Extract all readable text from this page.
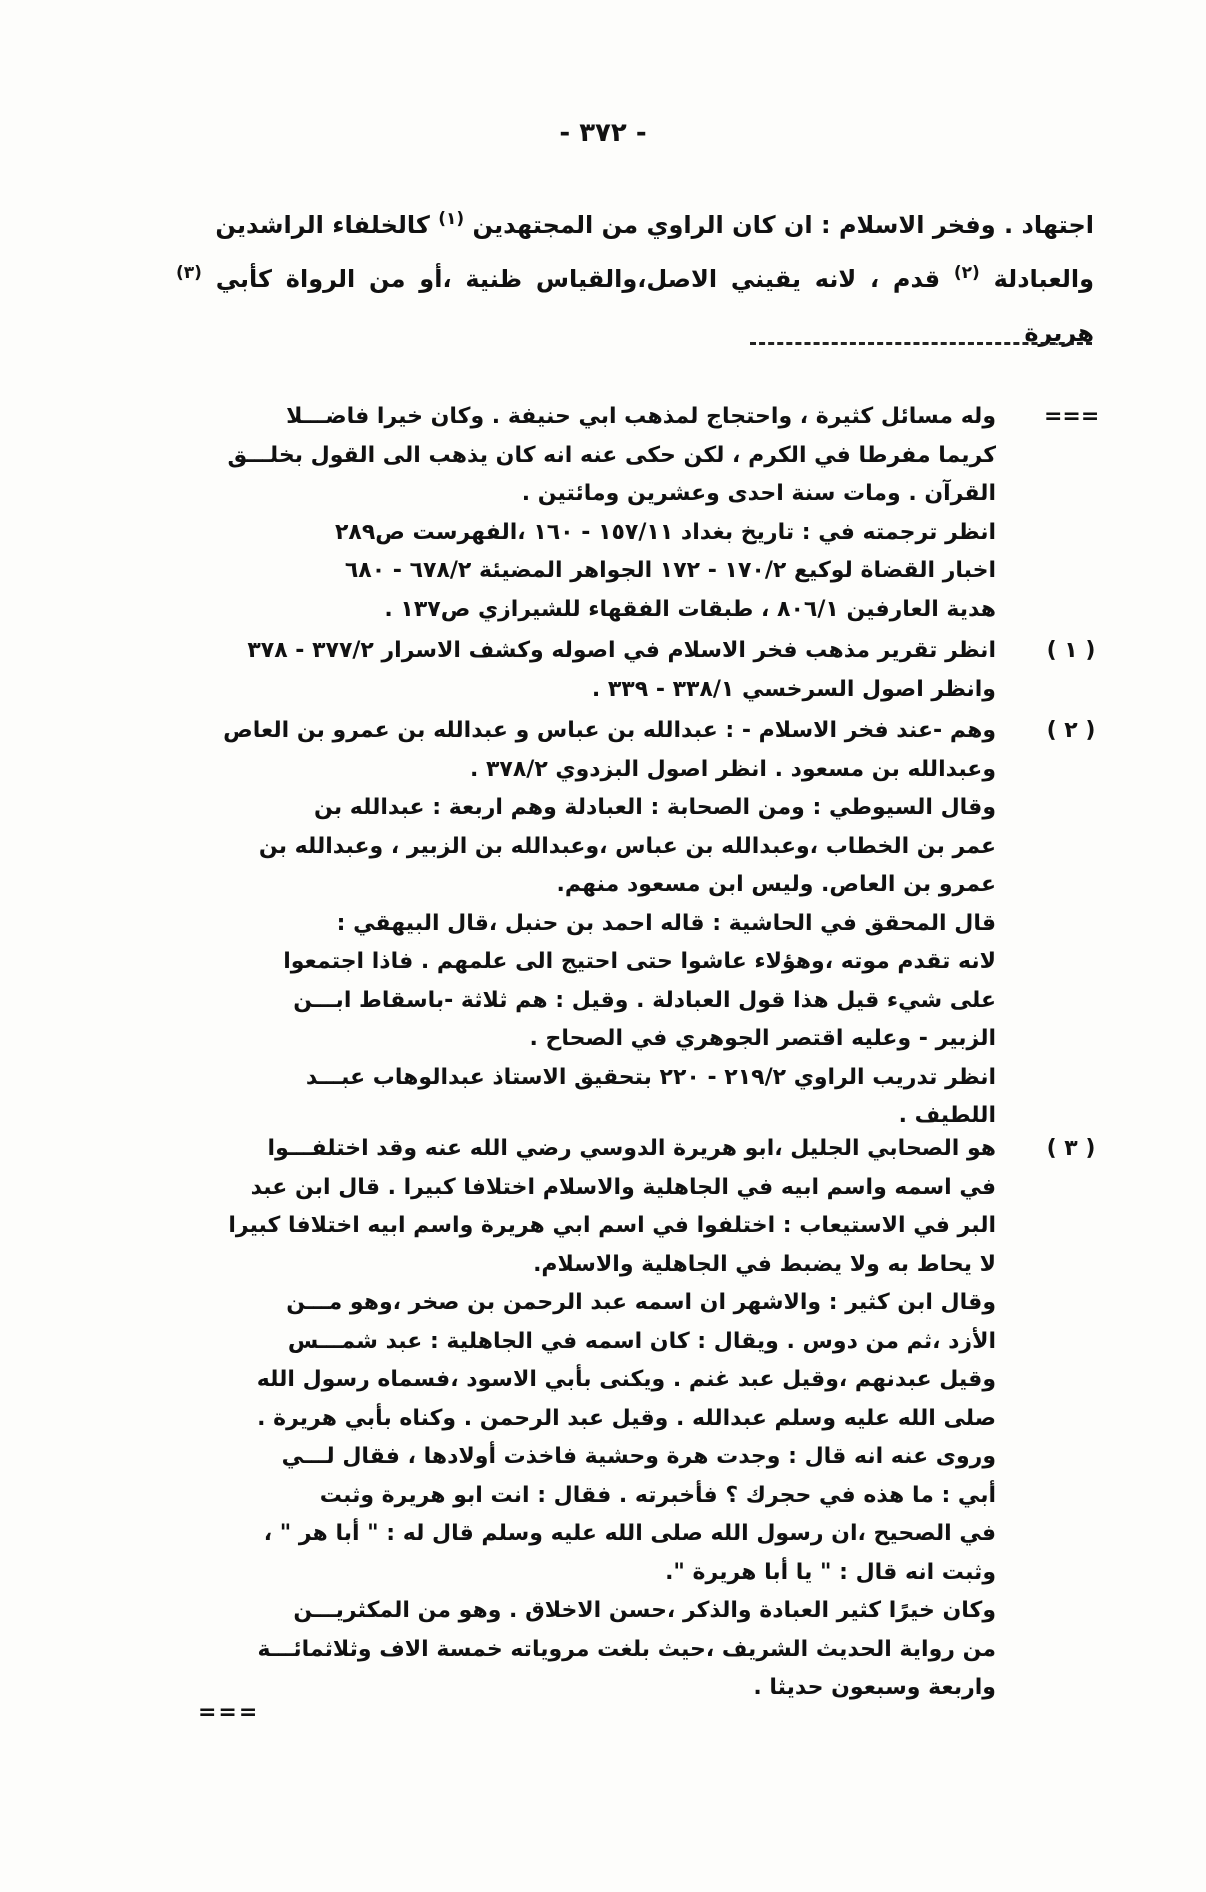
- ٣٧٢ -
اجتهاد . وفخر الاسلام : ان كان الراوي من المجتهدين $^{(١)}$ كالخلفاء الراشدين
والعبادلة $^{(٢)}$ قدم ، لانه يقيني الاصل،والقياس ظنية ،أو من الرواة كأبي $^{(٣)}$ هريرة
===
وله مسائل كثيرة ، واحتجاج لمذهب ابي حنيفة . وكان خيرا فاضـــلا
كريما مفرطا في الكرم ، لكن حكى عنه انه كان يذهب الى القول بخلـــق
القرآن . ومات سنة احدى وعشرين ومائتين .
انظر ترجمته في : تاريخ بغداد ١٥٧/١١ - ١٦٠ ،الفهرست ص٢٨٩
اخبار القضاة لوكيع ١٧٠/٢ - ١٧٢ الجواهر المضيئة ٦٧٨/٢ - ٦٨٠
هدية العارفين ٨٠٦/١ ، طبقات الفقهاء للشيرازي ص١٣٧ .
( ١ )
انظر تقرير مذهب فخر الاسلام في اصوله وكشف الاسرار ٣٧٧/٢ - ٣٧٨
وانظر اصول السرخسي ٣٣٨/١ - ٣٣٩ .
( ٢ )
وهم -عند فخر الاسلام - : عبدالله بن عباس و عبدالله بن عمرو بن العاص
وعبدالله بن مسعود . انظر اصول البزدوي ٣٧٨/٢ .
وقال السيوطي : ومن الصحابة : العبادلة وهم اربعة : عبدالله بن
عمر بن الخطاب ،وعبدالله بن عباس ،وعبدالله بن الزبير ، وعبدالله بن
عمرو بن العاص. وليس ابن مسعود منهم.
قال المحقق في الحاشية : قاله احمد بن حنبل ،قال البيهقي :
لانه تقدم موته ،وهؤلاء عاشوا حتى احتيج الى علمهم . فاذا اجتمعوا
على شيء قيل هذا قول العبادلة . وقيل : هم ثلاثة -باسقاط ابـــن
الزبير - وعليه اقتصر الجوهري في الصحاح .
انظر تدريب الراوي ٢١٩/٢ - ٢٢٠ بتحقيق الاستاذ عبدالوهاب عبـــد
اللطيف .
( ٣ )
هو الصحابي الجليل ،ابو هريرة الدوسي رضي الله عنه وقد اختلفـــوا
في اسمه واسم ابيه في الجاهلية والاسلام اختلافا كبيرا . قال ابن عبد
البر في الاستيعاب : اختلفوا في اسم ابي هريرة واسم ابيه اختلافا كبيرا
لا يحاط به ولا يضبط في الجاهلية والاسلام.
وقال ابن كثير : والاشهر ان اسمه عبد الرحمن بن صخر ،وهو مـــن
الأزد ،ثم من دوس . ويقال : كان اسمه في الجاهلية : عبد شمـــس
وقيل عبدنهم ،وقيل عبد غنم . ويكنى بأبي الاسود ،فسماه رسول الله
صلى الله عليه وسلم عبدالله . وقيل عبد الرحمن . وكناه بأبي هريرة .
وروى عنه انه قال : وجدت هرة وحشية فاخذت أولادها ، فقال لـــي
أبي : ما هذه في حجرك ؟ فأخبرته . فقال : انت ابو هريرة وثبت
في الصحيح ،ان رسول الله صلى الله عليه وسلم قال له : " أبا هر " ،
وثبت انه قال : " يا أبا هريرة ".
وكان خيرًا كثير العبادة والذكر ،حسن الاخلاق . وهو من المكثريـــن
من رواية الحديث الشريف ،حيث بلغت مروياته خمسة الاف وثلاثمائـــة
واربعة وسبعون حديثا .
===
